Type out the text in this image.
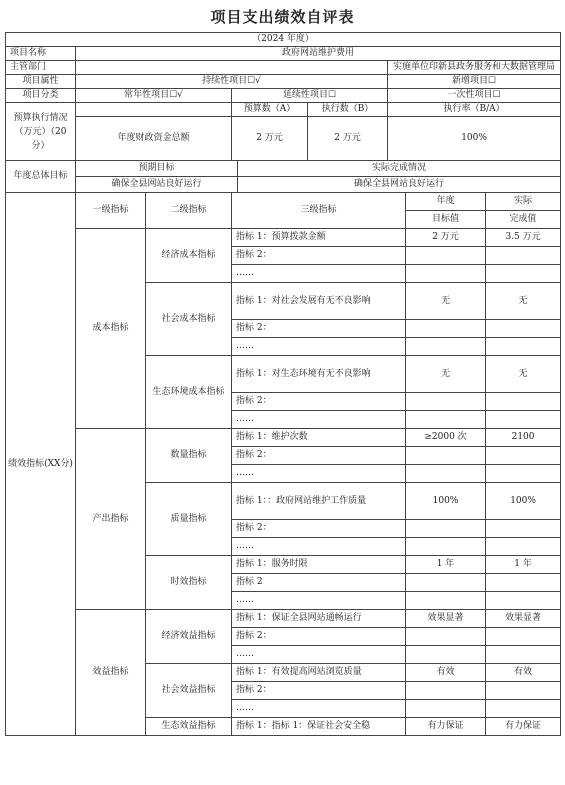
项目支出绩效自评表
（2024 年度）								
项目名称	政府网站维护费用							
主管部门						实施单位印新县政务服务和大数据管理局		
项目属性	持续性项目☐√					新增项目☐		
项目分类	常年性项目☐√		延续性项目☐			一次性项目☐		
预算执行情况（万元）（20 分）			预算数（A）		执行数（B）	执行率（B/A）		
	年度财政资金总额		2 万元		2 万元	100%		
年度总体目标	预期目标			实际完成情况				
	确保全县网站良好运行			确保全县网站良好运行				
绩效指标(XX分)	一级指标	二级指标	三级指标				年度	实际
							目标值	完成值
	成本指标	经济成本指标	指标 1：预算拨款金额				2 万元	3.5 万元
			指标 2：					
			……					
		社会成本指标	指标 1：对社会发展有无不良影响				无	无
			指标 2：					
			……					
		生态环境成本指标	指标 1：对生态环境有无不良影响				无	无
			指标 2：					
			……					
	产出指标	数量指标	指标 1：维护次数				≥2000 次	2100
			指标 2：					
			……					
		质量指标	指标 1：：政府网站维护工作质量				100%	100%
			指标 2：					
			……					
		时效指标	指标 1：服务时限				1 年	1 年
			指标 2					
			……					
	效益指标	经济效益指标	指标 1：保证全县网站通畅运行				效果显著	效果显著
			指标 2：					
			……					
		社会效益指标	指标 1：有效提高网站浏览质量				有效	有效
			指标 2：					
			……					
		生态效益指标	指标 1：指标 1：保证社会安全稳				有力保证	有力保证
